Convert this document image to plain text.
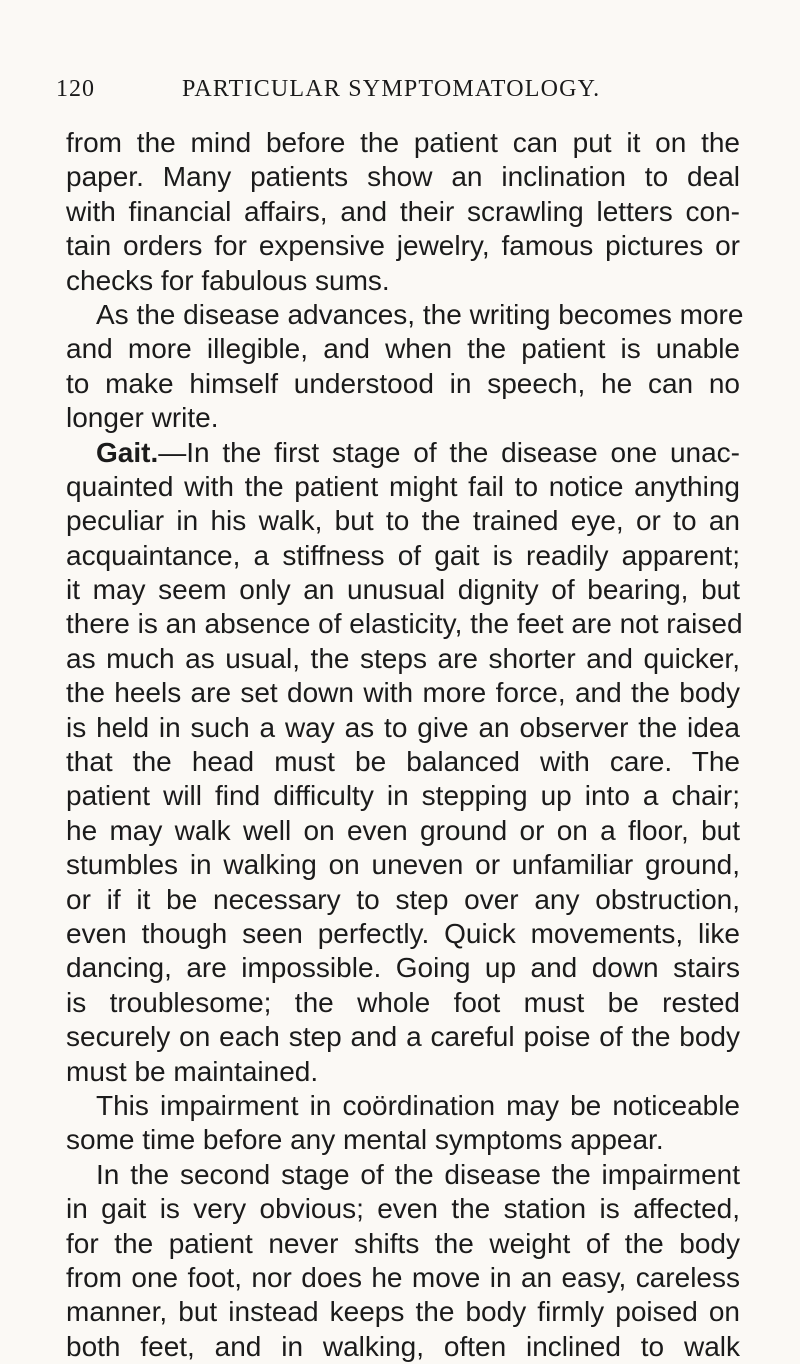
120	PARTICULAR SYMPTOMATOLOGY.
from the mind before the patient can put it on the
paper. Many patients show an inclination to deal
with financial affairs, and their scrawling letters con-
tain orders for expensive jewelry, famous pictures or
checks for fabulous sums.
As the disease advances, the writing becomes more
and more illegible, and when the patient is unable
to make himself understood in speech, he can no
longer write.
Gait.—In the first stage of the disease one unac-
quainted with the patient might fail to notice anything
peculiar in his walk, but to the trained eye, or to an
acquaintance, a stiffness of gait is readily apparent;
it may seem only an unusual dignity of bearing, but
there is an absence of elasticity, the feet are not raised
as much as usual, the steps are shorter and quicker,
the heels are set down with more force, and the body
is held in such a way as to give an observer the idea
that the head must be balanced with care. The
patient will find difficulty in stepping up into a chair;
he may walk well on even ground or on a floor, but
stumbles in walking on uneven or unfamiliar ground,
or if it be necessary to step over any obstruction,
even though seen perfectly. Quick movements, like
dancing, are impossible. Going up and down stairs
is troublesome; the whole foot must be rested
securely on each step and a careful poise of the body
must be maintained.
This impairment in coördination may be noticeable
some time before any mental symptoms appear.
In the second stage of the disease the impairment
in gait is very obvious; even the station is affected,
for the patient never shifts the weight of the body
from one foot, nor does he move in an easy, careless
manner, but instead keeps the body firmly poised on
both feet, and in walking, often inclined to walk
